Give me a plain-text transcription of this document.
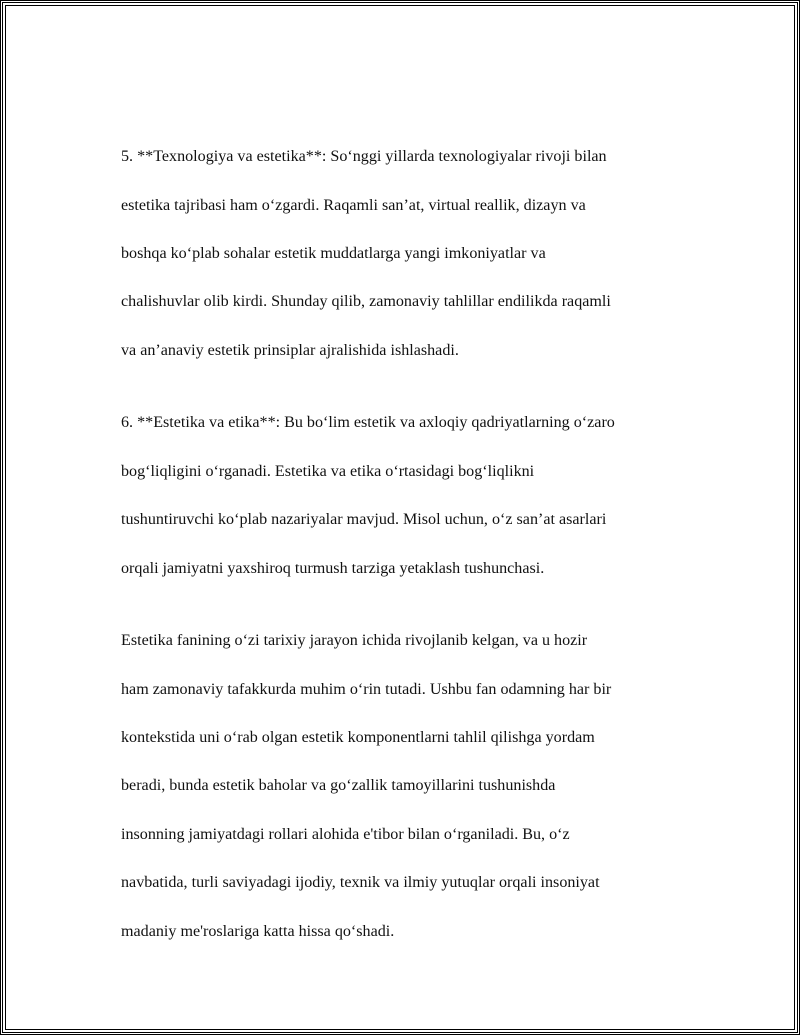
5. **Texnologiya va estetika**: So‘nggi yillarda texnologiyalar rivoji bilan

estetika tajribasi ham o‘zgardi. Raqamli san’at, virtual reallik, dizayn va

boshqa ko‘plab sohalar estetik muddatlarga yangi imkoniyatlar va

chalishuvlar olib kirdi. Shunday qilib, zamonaviy tahlillar endilikda raqamli

va an’anaviy estetik prinsiplar ajralishida ishlashadi.

6. **Estetika va etika**: Bu bo‘lim estetik va axloqiy qadriyatlarning o‘zaro

bog‘liqligini o‘rganadi. Estetika va etika o‘rtasidagi bog‘liqlikni

tushuntiruvchi ko‘plab nazariyalar mavjud. Misol uchun, o‘z san’at asarlari

orqali jamiyatni yaxshiroq turmush tarziga yetaklash tushunchasi.

Estetika fanining o‘zi tarixiy jarayon ichida rivojlanib kelgan, va u hozir

ham zamonaviy tafakkurda muhim o‘rin tutadi. Ushbu fan odamning har bir

kontekstida uni o‘rab olgan estetik komponentlarni tahlil qilishga yordam

beradi, bunda estetik baholar va go‘zallik tamoyillarini tushunishda

insonning jamiyatdagi rollari alohida e'tibor bilan o‘rganiladi. Bu, o‘z

navbatida, turli saviyadagi ijodiy, texnik va ilmiy yutuqlar orqali insoniyat

madaniy me'roslariga katta hissa qo‘shadi.
